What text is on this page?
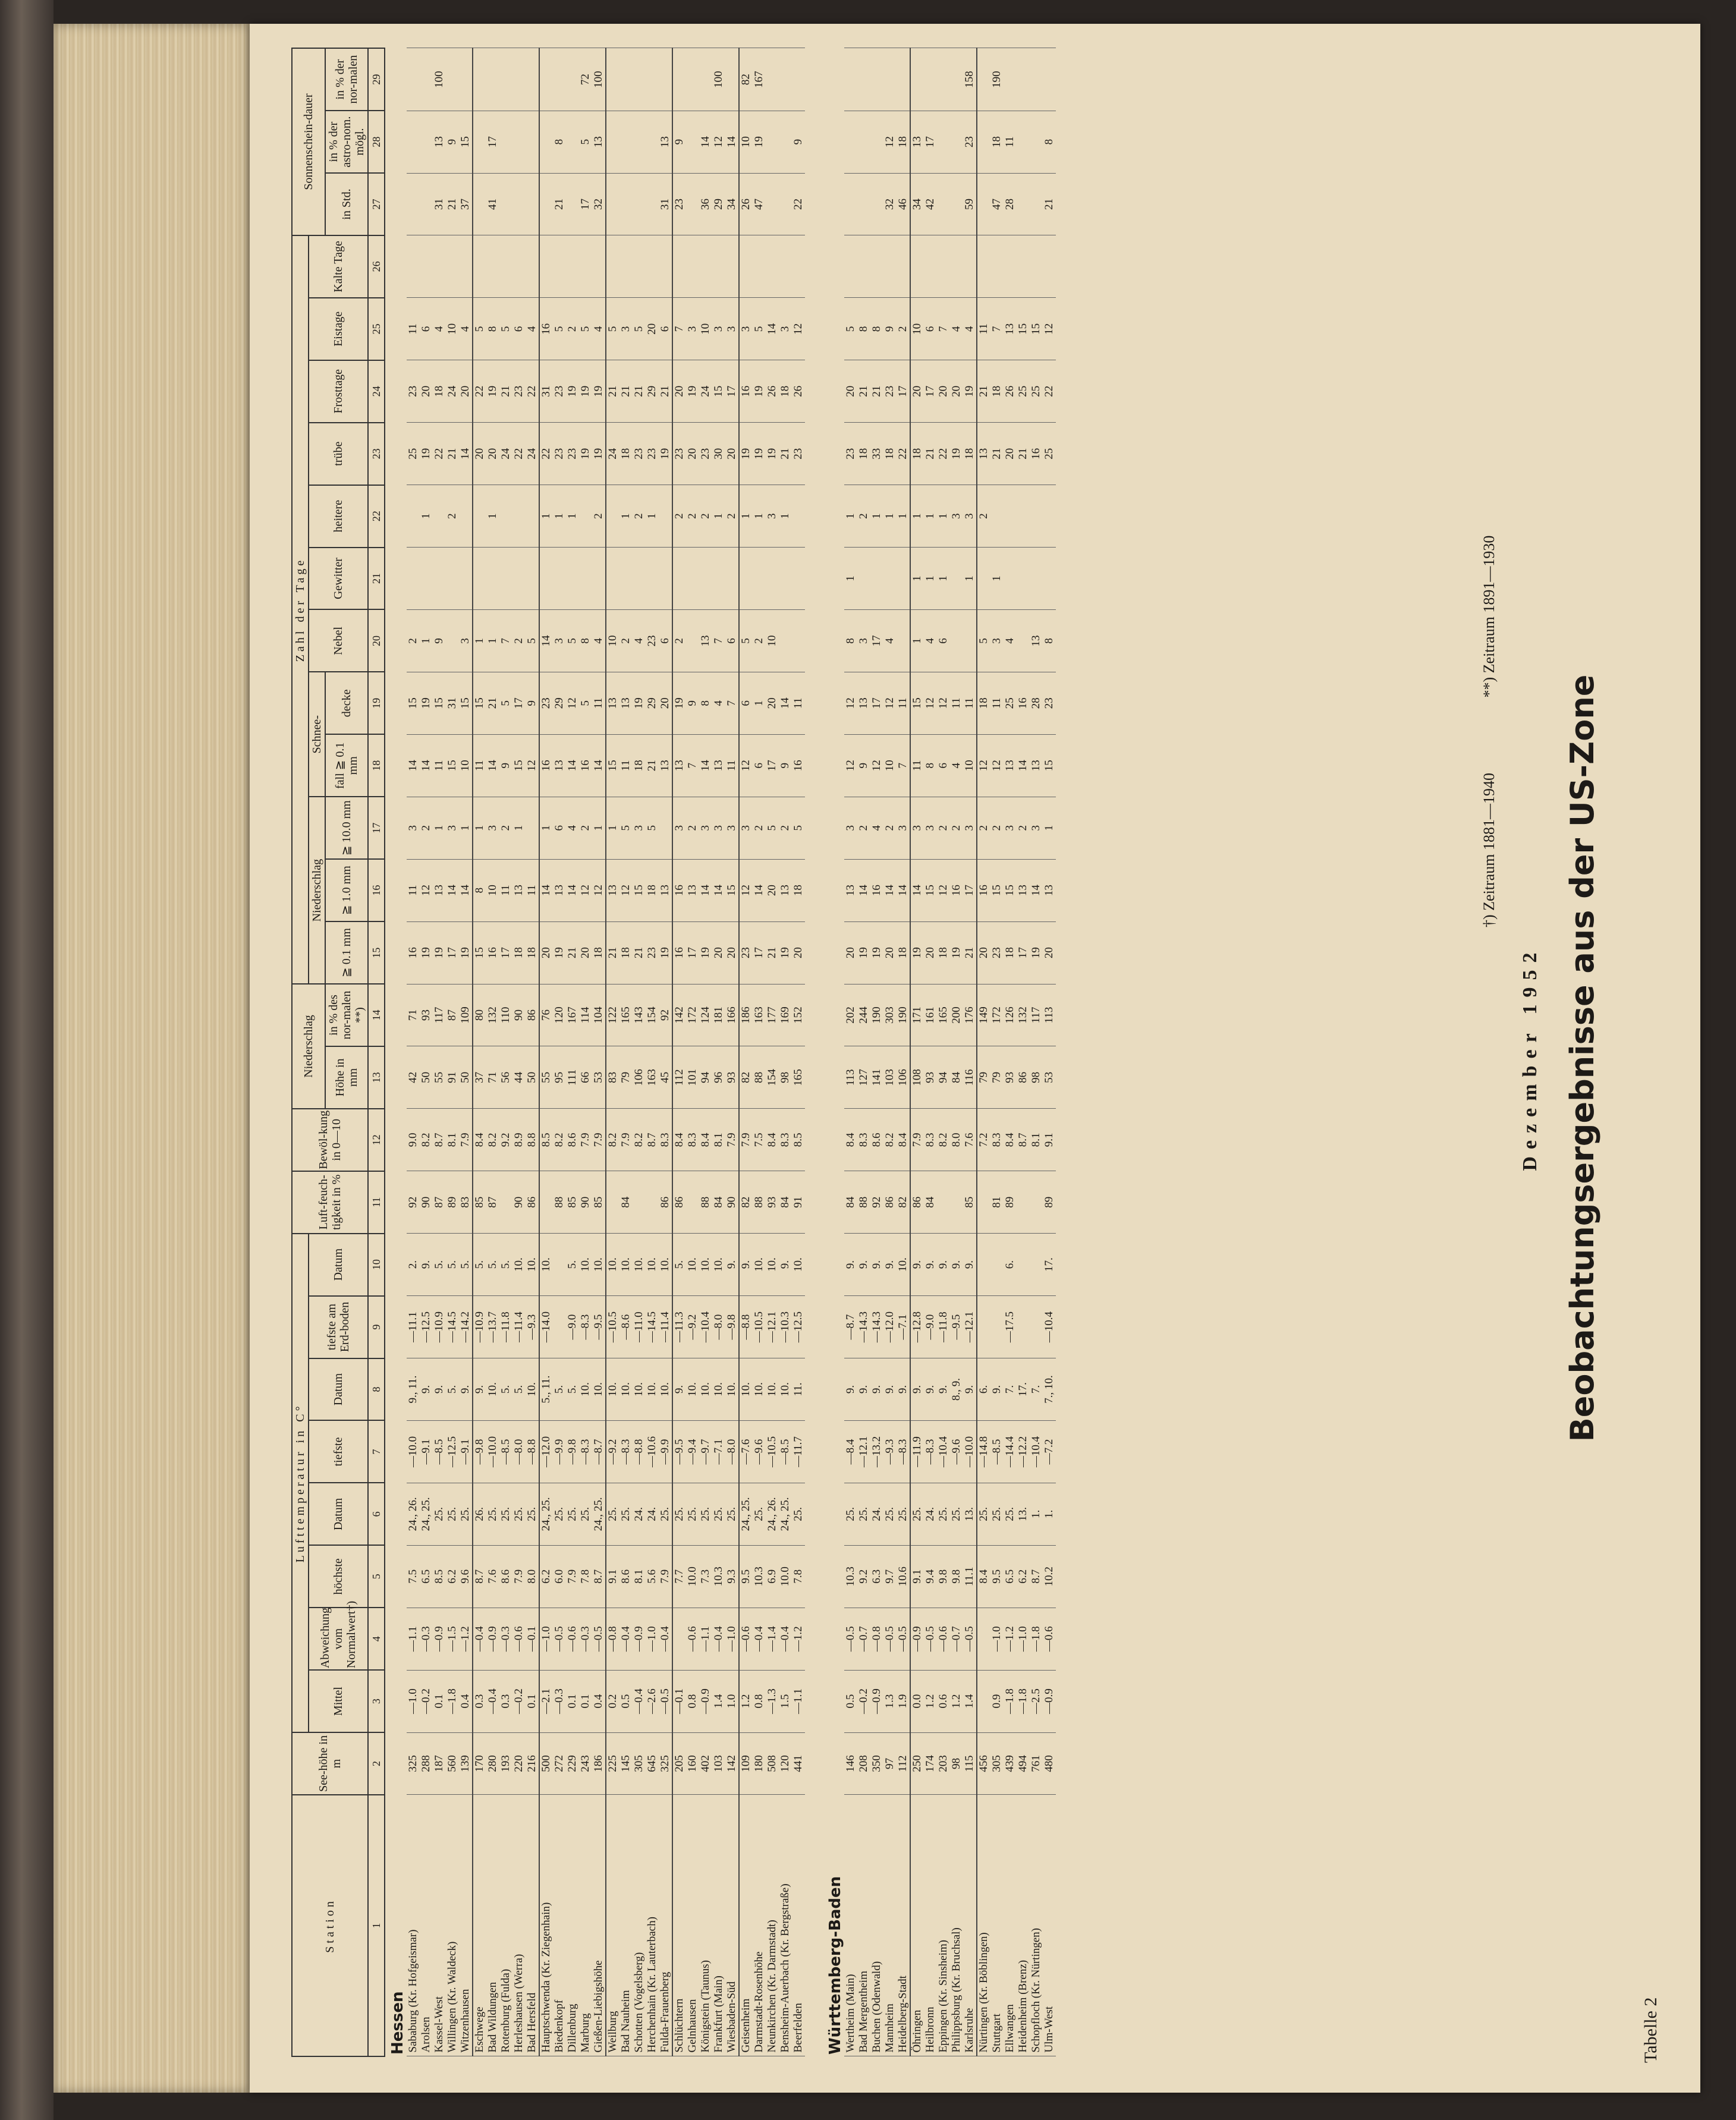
Tabelle 2
Beobachtungsergebnisse aus der US-Zone
Dezember 1952
†) Zeitraum 1881—1940 **) Zeitraum 1891—1930
Station	See-höhe in m	Lufttemperatur in C°								Luft-feuch-tigkeit in %	Bewöl-kung in 0—10	Niederschlag		Zahl der Tage												Sonnenschein-dauer		
		Mittel	Abweichung vom Normalwert†)	höchste	Datum	tiefste	Datum	tiefste am Erd-boden	Datum					Niederschlag			Schnee-		Nebel	Gewitter	heitere	trübe	Frosttage	Eistage	Kalte Tage			
												Höhe in mm	in % des nor-malen **)	≧ 0.1 mm	≧ 1.0 mm	≧ 10.0 mm	fall ≧ 0.1 mm	decke								in Std.	in % der astro-nom. mögl.	in % der nor-malen
1	2	3	4	5	6	7	8	9	10	11	12	13	14	15	16	17	18	19	20	21	22	23	24	25	26	27	28	29
Hessen																												
Sababurg (Kr. Hofgeismar)	325	—1.0	—1.1	7.5	24., 26.	—10.0	9., 11.	—11.1	2.	92	9.0	42	71	16	11	3	14	15	2			25	23	11				
Arolsen	288	—0.2	—0.3	6.5	24., 25.	—9.1	9.	—12.5	9.	90	8.2	50	93	19	12	2	14	19	1		1	19	20	6				
Kassel-West	187	0.1	—0.9	8.5	25.	—8.5	9.	—10.9	5.	87	8.7	55	117	19	13	1	11	15	9			22	18	4		31	13	100
Willingen (Kr. Waldeck)	560	—1.8	—1.5	6.2	25.	—12.5	5.	—14.5	5.	89	8.1	91	87	17	14	3	15	31			2	21	24	10		21	9	
Witzenhausen	139	0.4	—1.2	9.6	25.	—9.1	9.	—14.2	5.	83	7.9	50	109	19	14	1	10	15	3			14	20	4		37	15	
Eschwege	170	0.3	—0.4	8.7	26.	—9.8	9.	—10.9	5.	85	8.4	37	80	15	8	1	11	15	1			20	22	5				
Bad Wildungen	280	—0.4	—0.9	7.6	25.	—10.0	10.	—13.7	5.	87	8.2	71	132	16	10	3	14	21	1		1	20	19	8		41	17	
Rotenburg (Fulda)	193	0.3	—0.3	8.6	25.	—8.5	5.	—11.8	5.		9.2	56	110	17	11	2	9	5	7			24	21	5				
Herleshausen (Werra)	220	—0.2	—0.6	7.9	25.	—8.0	5.	—11.4	10.	90	8.9	44	90	18	13	1	15	17	2			22	23	6				
Bad Hersfeld	216	0.1	—0.1	8.0	25.	—8.8	10.	—9.3	10.	86	8.8	50	86	18	11		12	9	5			24	22	4				
Hauptschwenda (Kr. Ziegenhain)	500	—2.1	—1.0	6.2	24., 25.	—12.0	5., 11.	—14.0	10.		8.5	55	76	20	14	1	16	23	14		1	22	31	16				
Biedenkopf	272	—0.3	—0.5	6.0	25.	—9.9	5.			88	8.2	95	120	19	13	6	13	29	3		1	23	23	5		21	8	
Dillenburg	229	0.1	—0.6	7.9	25.	—9.8	5.	—9.0	5.	85	8.6	111	167	21	14	4	14	12	5		1	23	19	2				
Marburg	243	0.1	—0.3	7.8	25.	—8.3	10.	—8.3	10.	90	7.9	66	114	20	12	2	16	5	8			19	19	5		17	5	72
Gießen-Liebigshöhe	186	0.4	—0.5	8.7	24., 25.	—8.7	10.	—9.5	10.	85	7.9	53	104	18	12	1	14	11	4		2	19	19	4		32	13	100
Weilburg	225	0.2	—0.8	9.1	25.	—9.2	10.	—10.5	10.		8.2	83	122	21	13	1	15	13	10			24	21	5				
Bad Nauheim	145	0.5	—0.4	8.6	25.	—8.3	10.	—8.6	10.	84	7.9	79	165	18	12	5	11	13	2		1	18	21	3				
Schotten (Vogelsberg)	305	—0.4	—0.9	8.1	24.	—8.8	10.	—11.0	10.		8.2	106	143	21	15	3	18	19	4		2	23	21	5				
Herchenhain (Kr. Lauterbach)	645	—2.6	—1.0	5.6	24.	—10.6	10.	—14.5	10.		8.7	163	154	23	18	5	21	29	23		1	23	29	20				
Fulda-Frauenberg	325	—0.5	—0.4	7.9	25.	—9.9	10.	—11.4	10.	86	8.3	45	92	19	13		13	20	6			19	21	6		31	13	
Schlüchtern	205	—0.1		7.7	25.	—9.5	9.	—11.3	5.	86	8.4	112	142	16	16	3	13	19	2		2	23	20	7		23	9	
Gelnhausen	160	0.8	—0.6	10.0	25.	—9.4	10.	—9.2	10.		8.3	101	172	17	13	2	7	9			2	20	19	3				
Königstein (Taunus)	402	—0.9	—1.1	7.3	25.	—9.7	10.	—10.4	10.	88	8.4	94	124	19	14	3	14	8	13		2	23	24	10		36	14	
Frankfurt (Main)	103	1.4	—0.4	10.3	25.	—7.1	10.	—8.0	10.	84	8.1	96	181	20	14	3	13	4	7		1	30	15	3		29	12	100
Wiesbaden-Süd	142	1.0	—1.0	9.3	25.	—8.0	10.	—9.8	9.	90	7.9	93	166	20	15	3	11	7	6		2	20	17	3		34	14	
Geisenheim	109	1.2	—0.6	9.5	24., 25.	—7.6	10.	—8.8	9.	82	7.9	82	186	23	12	3	12	6	5		1	19	16	3		26	10	82
Darmstadt-Rosenhöhe	180	0.8	—0.4	10.3	25.	—9.6	10.	—10.5	10.	88	7.5	88	163	17	14	2	6	1	2		1	19	19	5		47	19	167
Neunkirchen (Kr. Darmstadt)	508	—1.3	—1.4	6.9	24., 26.	—10.5	10.	—12.1	10.	93	8.4	154	177	21	20	5	17	20	10		3	19	26	14				
Bensheim-Auerbach (Kr. Bergstraße)	120	1.5	—0.4	10.0	24., 25.	—8.5	10.	—10.3	9.	84	8.3	98	169	19	13	2	9	14			1	21	18	3				
Beerfelden	441	—1.1	—1.2	7.8	25.	—11.7	11.	—12.5	10.	91	8.5	165	152	20	18	5	16	11				23	26	12		22	9	
Württemberg-Baden																												
Wertheim (Main)	146	0.5	—0.5	10.3	25.	—8.4	9.	—8.7	9.	84	8.4	113	202	20	13	3	12	12	8	1	1	23	20	5				
Bad Mergentheim	208	—0.2	—0.7	9.2	25.	—12.1	9.	—14.3	9.	88	8.3	127	244	19	14	2	9	13	3		2	18	21	8				
Buchen (Odenwald)	350	—0.9	—0.8	6.3	24.	—13.2	9.	—14.3	9.	92	8.6	141	190	19	16	4	12	17	17		1	33	21	8				
Mannheim	97	1.3	—0.5	9.7	25.	—9.3	9.	—12.0	9.	86	8.2	103	303	20	14	2	10	12	4		1	18	23	9		32	12	
Heidelberg-Stadt	112	1.9	—0.5	10.6	25.	—8.3	9.	—7.1	10.	82	8.4	106	190	18	14	3	7	11			1	22	17	2		46	18	
Öhringen	250	0.0	—0.9	9.1	25.	—11.9	9.	—12.8	9.	86	7.9	108	171	19	14	3	11	15	1	1	1	18	20	10		34	13	
Heilbronn	174	1.2	—0.5	9.4	24.	—8.3	9.	—9.0	9.	84	8.3	93	161	20	15	3	8	12	4	1	1	21	17	6		42	17	
Eppingen (Kr. Sinsheim)	203	0.6	—0.6	9.8	25.	—10.4	9.	—11.8	9.		8.2	94	165	18	12	2	6	12	6	1	1	22	20	7				
Philippsburg (Kr. Bruchsal)	98	1.2	—0.7	9.8	25.	—9.6	8., 9.	—9.5	9.		8.0	84	200	19	16	2	4	11			3	19	20	4				
Karlsruhe	115	1.4	—0.5	11.1	13.	—10.0	9.	—12.1	9.	85	7.6	116	176	21	17	3	10	11		1	3	18	19	4		59	23	158
Nürtingen (Kr. Böblingen)	456			8.4	25.	—14.8	6.				7.2	79	149	20	16	2	12	18	5		2	13	21	11				
Stuttgart	305	0.9	—1.0	9.5	25.	—8.5	9.			81	8.3	79	172	23	15	2	12	11	3	1		21	18	7		47	18	190
Ellwangen	439	—1.8	—1.2	6.5	25.	—14.4	7.	—17.5	6.	89	8.4	93	126	18	15	3	13	25	4			20	26	13		28	11	
Heidenheim (Brenz)	494	—1.8	—1.0	6.2	13.	—12.2	17.				8.7	86	132	17	13	2	14	16				21	25	15				
Schopfloch (Kr. Nürtingen)	761	—2.5	—1.8	8.7	1.	—10.4	7.				8.1	98	117	19	14	3	13	28	13			16	25	15				
Ulm-West	480	—0.9	—0.6	10.2	1.	—7.2	7., 10.	—10.4	17.	89	9.1	53	113	20	13	1	15	23	8			25	22	12		21	8	
